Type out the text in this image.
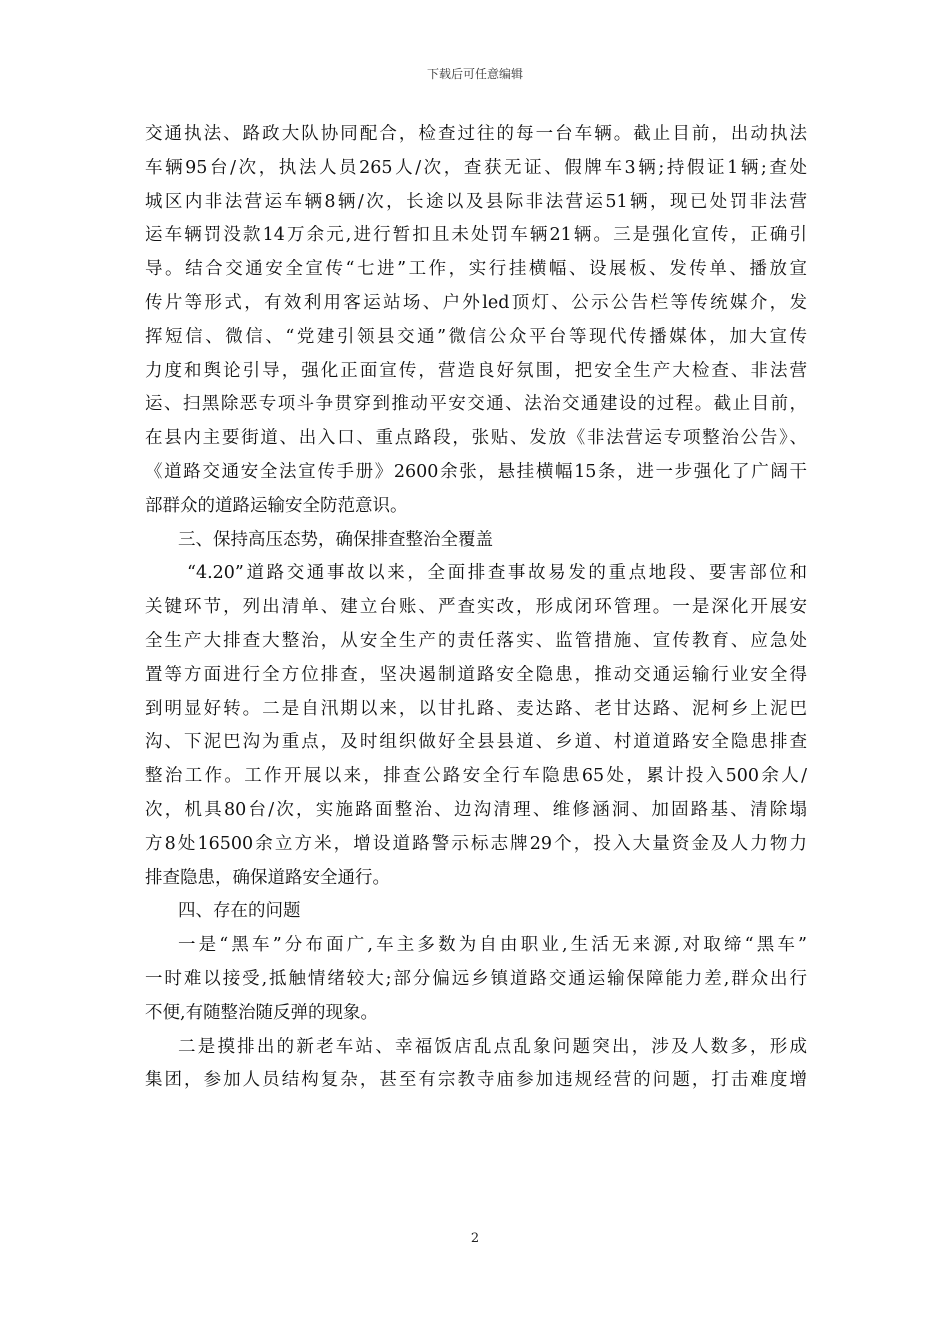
下载后可任意编辑
交通执法、路政大队协同配合，检查过往的每一台车辆。截止目前，出动执法
车辆95台/次，执法人员265人/次，查获无证、假牌车3辆;持假证1辆;查处
城区内非法营运车辆8辆/次，长途以及县际非法营运51辆，现已处罚非法营
运车辆罚没款14万余元,进行暂扣且未处罚车辆21辆。三是强化宣传，正确引
导。结合交通安全宣传“七进”工作，实行挂横幅、设展板、发传单、播放宣
传片等形式，有效利用客运站场、户外led顶灯、公示公告栏等传统媒介，发
挥短信、微信、“党建引领县交通”微信公众平台等现代传播媒体，加大宣传
力度和舆论引导，强化正面宣传，营造良好氛围，把安全生产大检查、非法营
运、扫黑除恶专项斗争贯穿到推动平安交通、法治交通建设的过程。截止目前，
在县内主要街道、出入口、重点路段，张贴、发放《非法营运专项整治公告》、
《道路交通安全法宣传手册》2600余张，悬挂横幅15条，进一步强化了广阔干
部群众的道路运输安全防范意识。
三、保持高压态势，确保排查整治全覆盖
“4.20”道路交通事故以来，全面排查事故易发的重点地段、要害部位和
关键环节，列出清单、建立台账、严查实改，形成闭环管理。一是深化开展安
全生产大排查大整治，从安全生产的责任落实、监管措施、宣传教育、应急处
置等方面进行全方位排查，坚决遏制道路安全隐患，推动交通运输行业安全得
到明显好转。二是自汛期以来，以甘扎路、麦达路、老甘达路、泥柯乡上泥巴
沟、下泥巴沟为重点，及时组织做好全县县道、乡道、村道道路安全隐患排查
整治工作。工作开展以来，排查公路安全行车隐患65处，累计投入500余人/
次，机具80台/次，实施路面整治、边沟清理、维修涵洞、加固路基、清除塌
方8处16500余立方米，增设道路警示标志牌29个，投入大量资金及人力物力
排查隐患，确保道路安全通行。
四、存在的问题
一是“黑车”分布面广,车主多数为自由职业,生活无来源,对取缔“黑车”
一时难以接受,抵触情绪较大;部分偏远乡镇道路交通运输保障能力差,群众出行
不便,有随整治随反弹的现象。
二是摸排出的新老车站、幸福饭店乱点乱象问题突出，涉及人数多，形成
集团，参加人员结构复杂，甚至有宗教寺庙参加违规经营的问题，打击难度增
2
